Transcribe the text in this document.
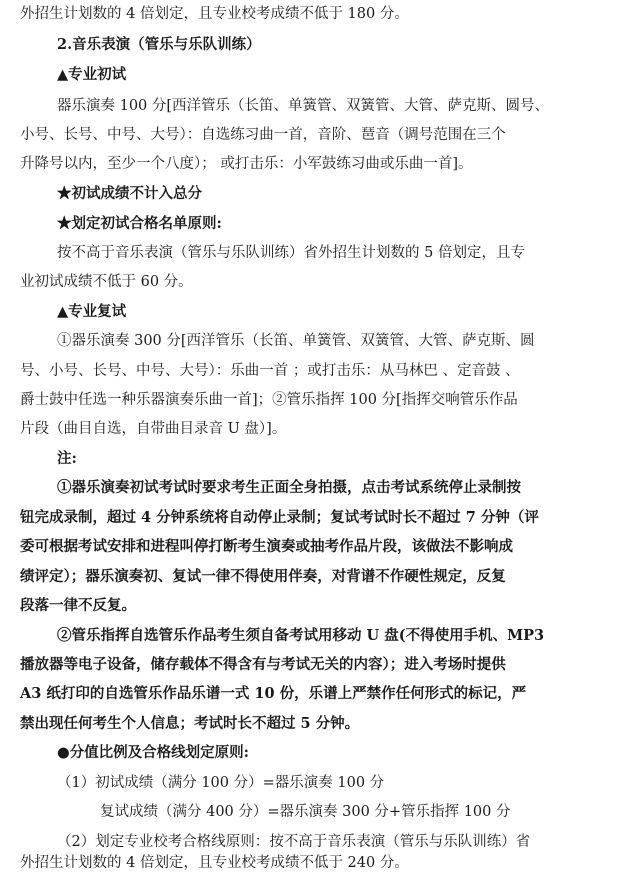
外招生计划数的 4 倍划定，且专业校考成绩不低于 180 分。
2.音乐表演（管乐与乐队训练）
▲专业初试
器乐演奏 100 分[西洋管乐（长笛、单簧管、双簧管、大管、萨克斯、圆号、
小号、长号、中号、大号）：自选练习曲一首，音阶、琶音（调号范围在三个
升降号以内，至少一个八度）； 或打击乐：小军鼓练习曲或乐曲一首]。
★初试成绩不计入总分
★划定初试合格名单原则:
按不高于音乐表演（管乐与乐队训练）省外招生计划数的 5 倍划定，且专
业初试成绩不低于 60 分。
▲专业复试
①器乐演奏 300 分[西洋管乐（长笛、单簧管、双簧管、大管、萨克斯、圆
号、小号、长号、中号、大号）：乐曲一首 ；或打击乐：从马林巴 、定音鼓 、
爵士鼓中任选一种乐器演奏乐曲一首]；②管乐指挥 100 分[指挥交响管乐作品
片段（曲目自选，自带曲目录音 U 盘）]。
注:
①器乐演奏初试考试时要求考生正面全身拍摄，点击考试系统停止录制按
钮完成录制，超过 4 分钟系统将自动停止录制；复试考试时长不超过 7 分钟（评
委可根据考试安排和进程叫停打断考生演奏或抽考作品片段，该做法不影响成
绩评定）；器乐演奏初、复试一律不得使用伴奏，对背谱不作硬性规定，反复
段落一律不反复。
②管乐指挥自选管乐作品考生须自备考试用移动 U 盘(不得使用手机、MP3
播放器等电子设备，储存载体不得含有与考试无关的内容）；进入考场时提供
A3 纸打印的自选管乐作品乐谱一式 10 份，乐谱上严禁作任何形式的标记，严
禁出现任何考生个人信息；考试时长不超过 5 分钟。
●分值比例及合格线划定原则:
（1）初试成绩（满分 100 分）=器乐演奏 100 分
复试成绩（满分 400 分）=器乐演奏 300 分+管乐指挥 100 分
（2）划定专业校考合格线原则：按不高于音乐表演（管乐与乐队训练）省
外招生计划数的 4 倍划定，且专业校考成绩不低于 240 分。
